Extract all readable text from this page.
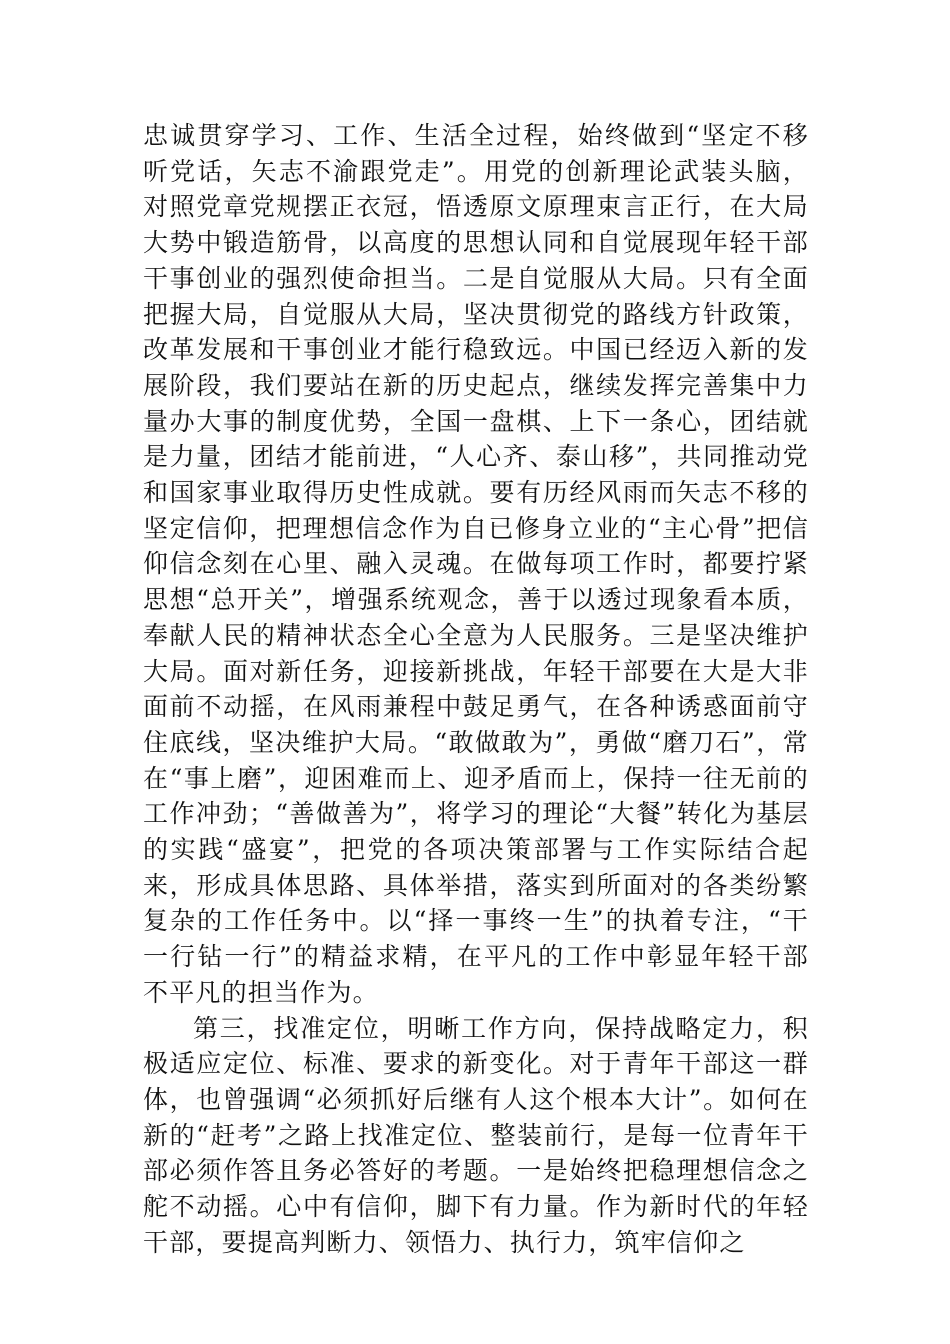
忠诚贯穿学习、工作、生活全过程，始终做到“坚定不移听党话，矢志不渝跟党走”。用党的创新理论武装头脑，对照党章党规摆正衣冠，悟透原文原理束言正行，在大局大势中锻造筋骨，以高度的思想认同和自觉展现年轻干部干事创业的强烈使命担当。二是自觉服从大局。只有全面把握大局，自觉服从大局，坚决贯彻党的路线方针政策，改革发展和干事创业才能行稳致远。中国已经迈入新的发展阶段，我们要站在新的历史起点，继续发挥完善集中力量办大事的制度优势，全国一盘棋、上下一条心，团结就是力量，团结才能前进，“人心齐、泰山移”，共同推动党和国家事业取得历史性成就。要有历经风雨而矢志不移的坚定信仰，把理想信念作为自已修身立业的“主心骨”把信仰信念刻在心里、融入灵魂。在做每项工作时，都要拧紧思想“总开关”，增强系统观念，善于以透过现象看本质，奉献人民的精神状态全心全意为人民服务。三是坚决维护大局。面对新任务，迎接新挑战，年轻干部要在大是大非面前不动摇，在风雨兼程中鼓足勇气，在各种诱惑面前守住底线，坚决维护大局。“敢做敢为”，勇做“磨刀石”，常在“事上磨”，迎困难而上、迎矛盾而上，保持一往无前的工作冲劲；“善做善为”，将学习的理论“大餐”转化为基层的实践“盛宴”，把党的各项决策部署与工作实际结合起来，形成具体思路、具体举措，落实到所面对的各类纷繁复杂的工作任务中。以“择一事终一生”的执着专注，“干一行钻一行”的精益求精，在平凡的工作中彰显年轻干部不平凡的担当作为。

第三，找准定位，明晰工作方向，保持战略定力，积极适应定位、标准、要求的新变化。对于青年干部这一群体，也曾强调“必须抓好后继有人这个根本大计”。如何在新的“赶考”之路上找准定位、整装前行，是每一位青年干部必须作答且务必答好的考题。一是始终把稳理想信念之舵不动摇。心中有信仰，脚下有力量。作为新时代的年轻干部，要提高判断力、领悟力、执行力，筑牢信仰之
